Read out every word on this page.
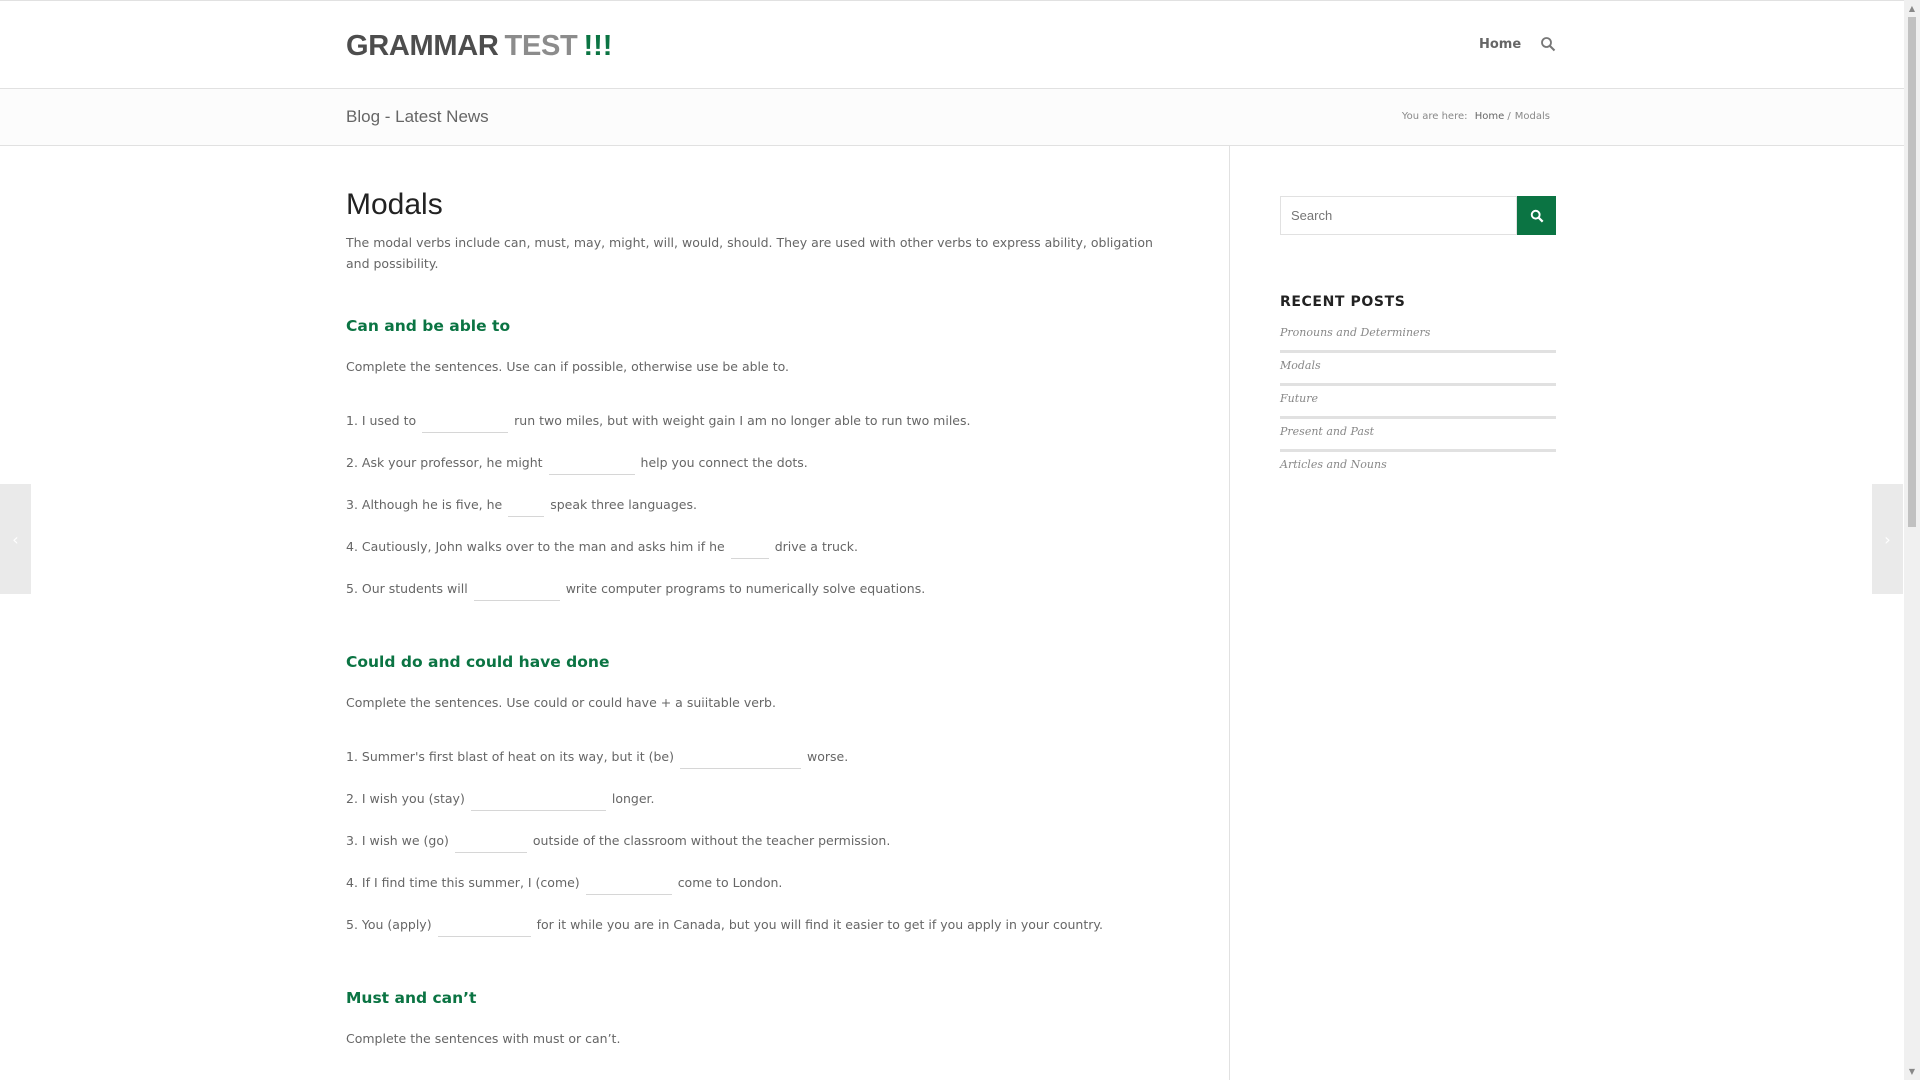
GRAMMAR TEST !!!	Home
Blog - Latest News	You are here: Home / Modals
Modals

The modal verbs include can, must, may, might, will, would, should. They are used with other verbs to express ability, obligation and possibility.

Can and be able to
Complete the sentences. Use can if possible, otherwise use be able to.
1. I used to	run two miles, but with weight gain I am no longer able to run two miles.
2. Ask your professor, he might	help you connect the dots.
3. Although he is five, he	speak three languages.
4. Cautiously, John walks over to the man and asks him if he	drive a truck.
5. Our students will	write computer programs to numerically solve equations.
Could do and could have done
Complete the sentences. Use could or could have + a suiitable verb.
1. Summer's first blast of heat on its way, but it (be)	worse.
2. I wish you (stay)	longer.
3. I wish we (go)	outside of the classroom without the teacher permission.
4. If I find time this summer, I (come)	come to London.
5. You (apply)	for it while you are in Canada, but you will find it easier to get if you apply in your country.
Must and can’t
Complete the sentences with must or can’t.
Search
RECENT POSTS
Pronouns and Determiners
Modals
Future
Present and Past
Articles and Nouns
‹	›
▲
▼
